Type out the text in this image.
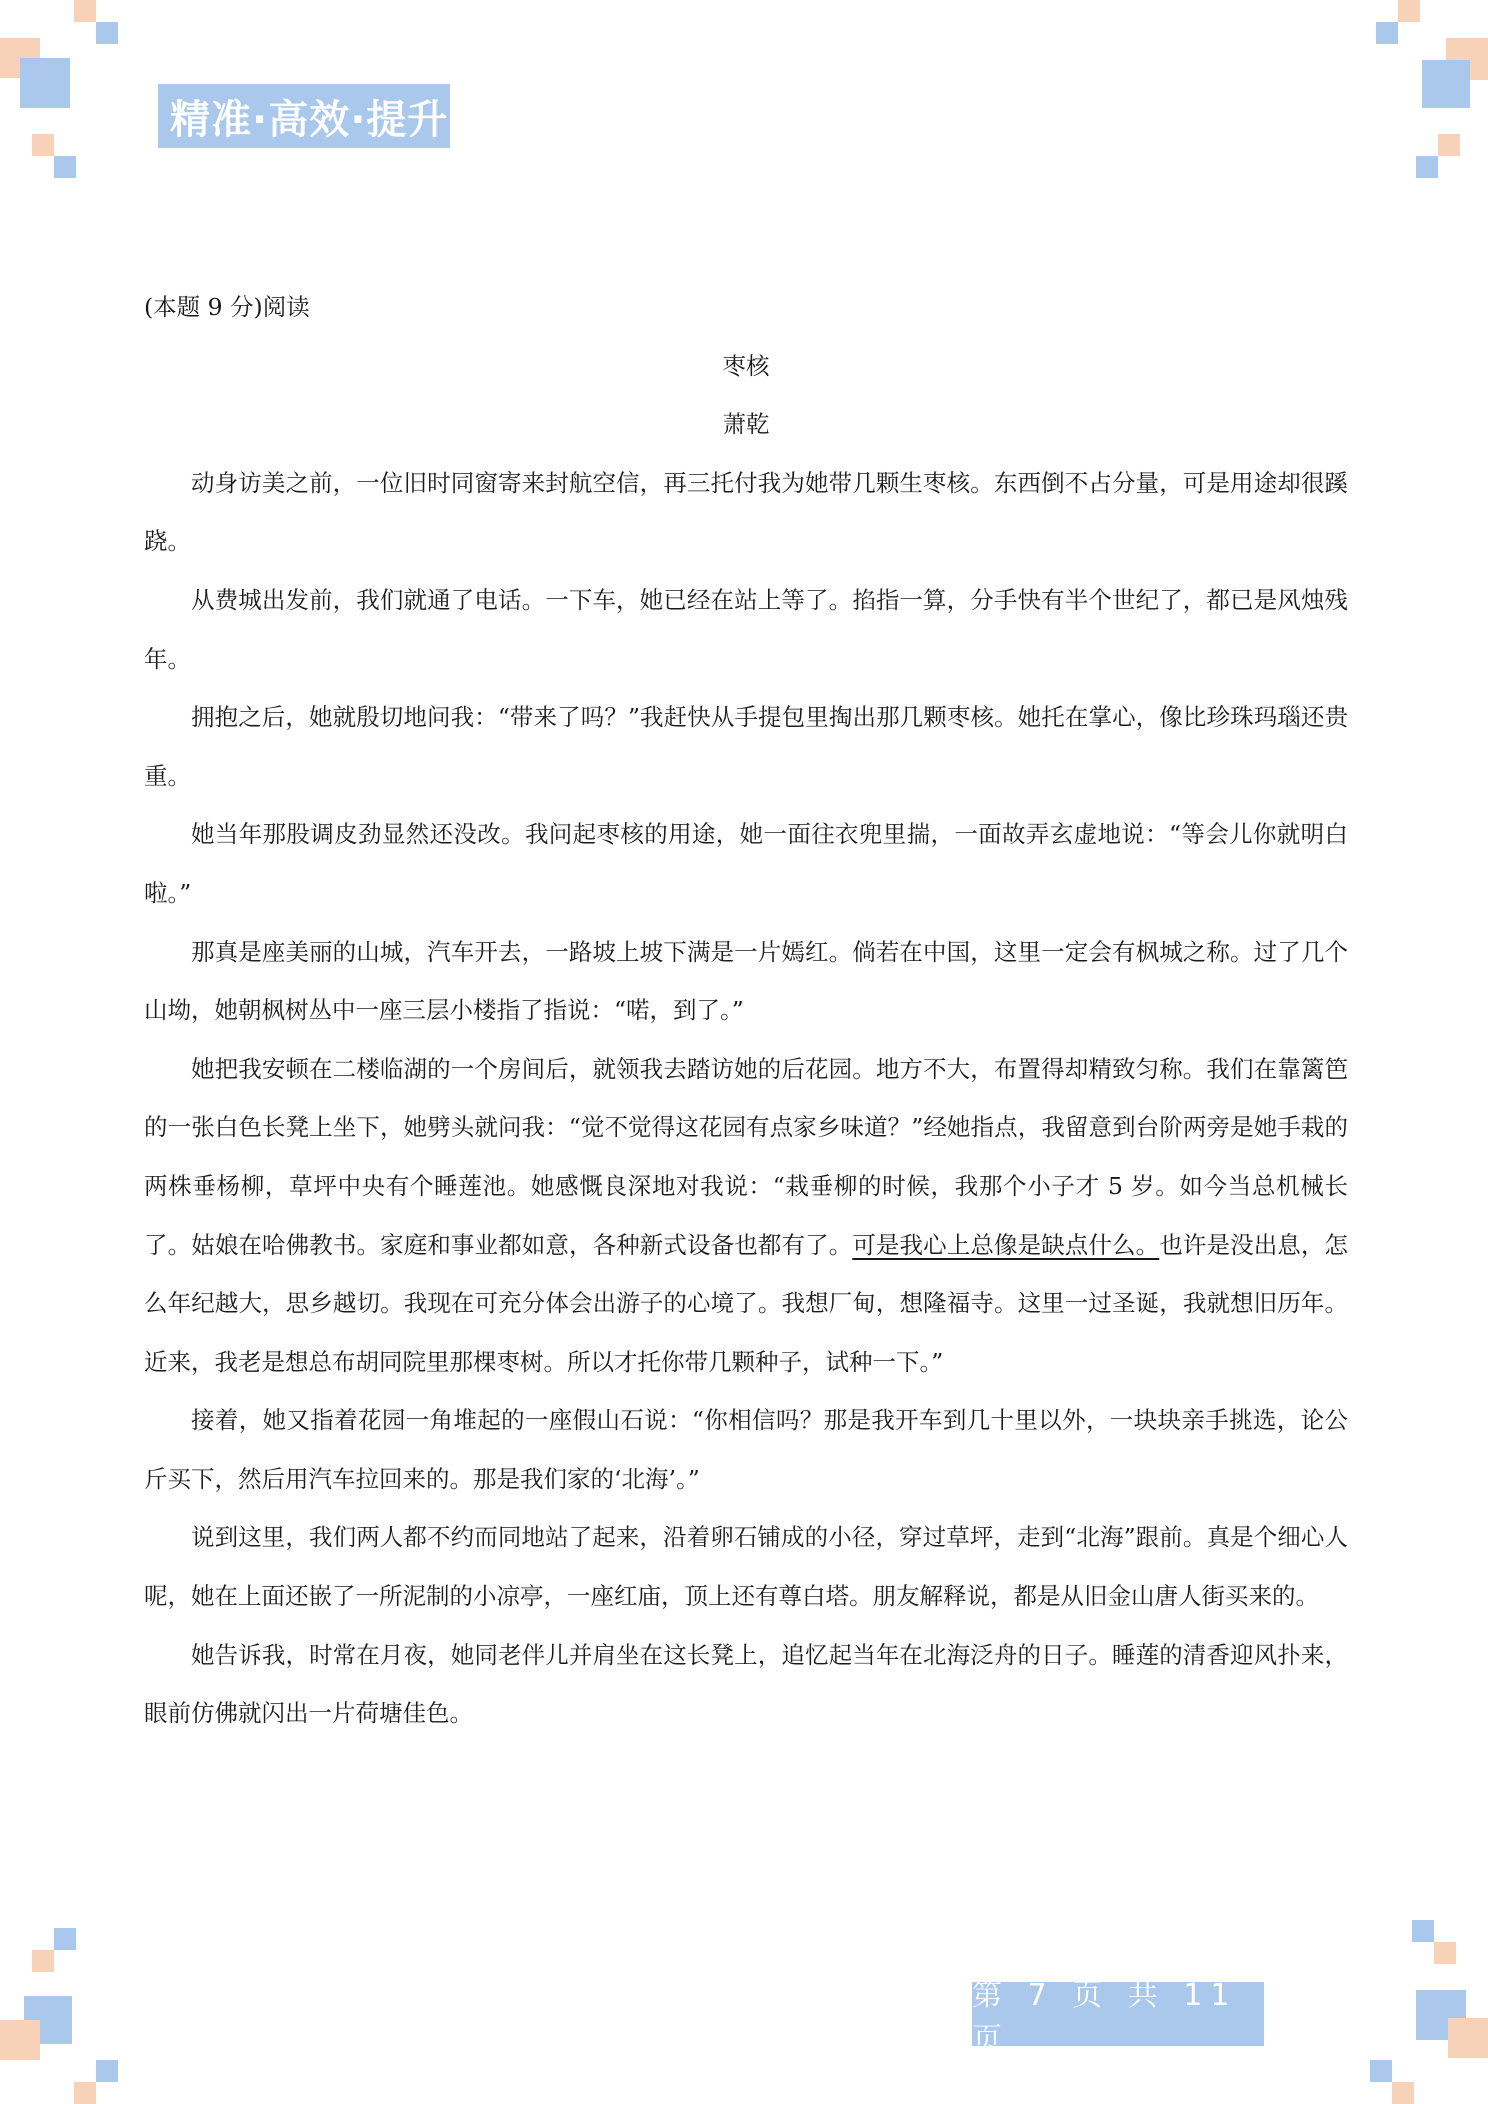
精准·高效·提升

(本题 9 分)阅读

枣核

萧乾

动身访美之前，一位旧时同窗寄来封航空信，再三托付我为她带几颗生枣核。东西倒不占分量，可是用途却很蹊跷。

从费城出发前，我们就通了电话。一下车，她已经在站上等了。掐指一算，分手快有半个世纪了，都已是风烛残年。

拥抱之后，她就殷切地问我：“带来了吗？”我赶快从手提包里掏出那几颗枣核。她托在掌心，像比珍珠玛瑙还贵重。

她当年那股调皮劲显然还没改。我问起枣核的用途，她一面往衣兜里揣，一面故弄玄虚地说：“等会儿你就明白啦。”

那真是座美丽的山城，汽车开去，一路坡上坡下满是一片嫣红。倘若在中国，这里一定会有枫城之称。过了几个山坳，她朝枫树丛中一座三层小楼指了指说：“喏，到了。”

她把我安顿在二楼临湖的一个房间后，就领我去踏访她的后花园。地方不大，布置得却精致匀称。我们在靠篱笆的一张白色长凳上坐下，她劈头就问我：“觉不觉得这花园有点家乡味道？”经她指点，我留意到台阶两旁是她手栽的两株垂杨柳，草坪中央有个睡莲池。她感慨良深地对我说：“栽垂柳的时候，我那个小子才 5 岁。如今当总机械长了。姑娘在哈佛教书。家庭和事业都如意，各种新式设备也都有了。可是我心上总像是缺点什么。也许是没出息，怎么年纪越大，思乡越切。我现在可充分体会出游子的心境了。我想厂甸，想隆福寺。这里一过圣诞，我就想旧历年。近来，我老是想总布胡同院里那棵枣树。所以才托你带几颗种子，试种一下。”

接着，她又指着花园一角堆起的一座假山石说：“你相信吗？那是我开车到几十里以外，一块块亲手挑选，论公斤买下，然后用汽车拉回来的。那是我们家的‘北海’。”

说到这里，我们两人都不约而同地站了起来，沿着卵石铺成的小径，穿过草坪，走到“北海”跟前。真是个细心人呢，她在上面还嵌了一所泥制的小凉亭，一座红庙，顶上还有尊白塔。朋友解释说，都是从旧金山唐人街买来的。

她告诉我，时常在月夜，她同老伴儿并肩坐在这长凳上，追忆起当年在北海泛舟的日子。睡莲的清香迎风扑来，眼前仿佛就闪出一片荷塘佳色。

第 7 页 共 11 页
